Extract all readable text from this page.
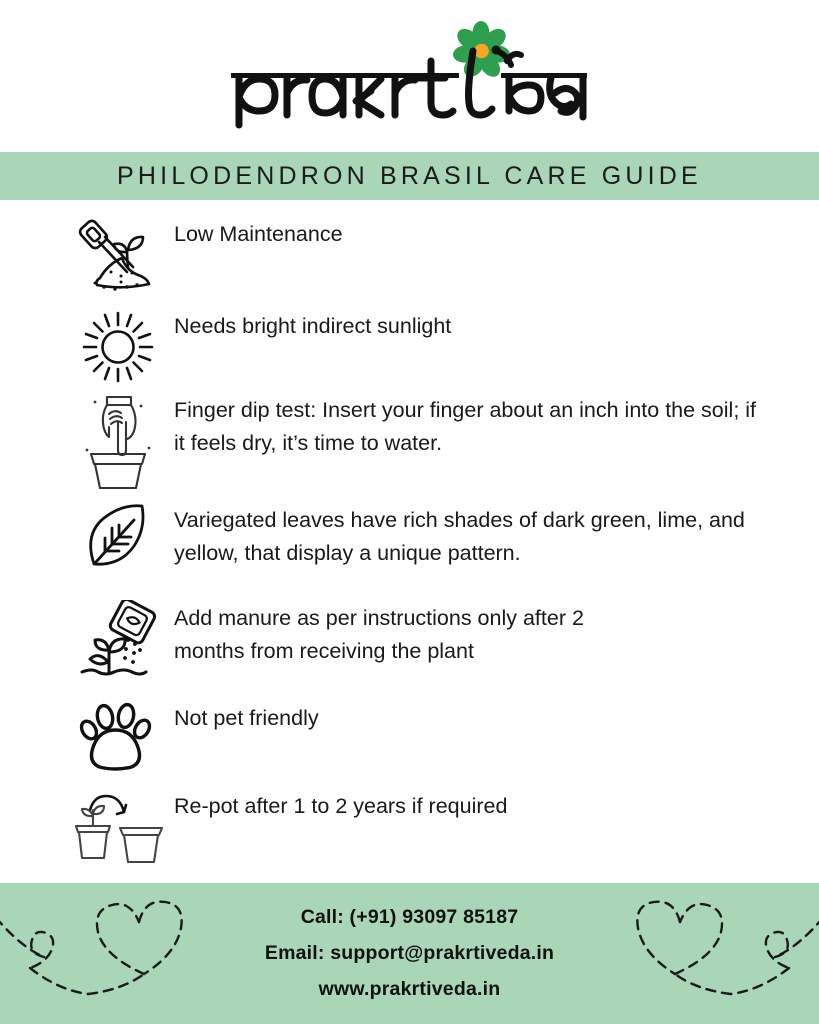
PHILODENDRON BRASIL CARE GUIDE
Low Maintenance
Needs bright indirect sunlight
Finger dip test: Insert your finger about an inch into the soil; if it feels dry, it’s time to water.
Variegated leaves have rich shades of dark green, lime, and yellow, that display a unique pattern.
Add manure as per instructions only after 2
months from receiving the plant
Not pet friendly
Re-pot after 1 to 2 years if required
Call: (+91) 93097 85187
Email: support@prakrtiveda.in
www.prakrtiveda.in
